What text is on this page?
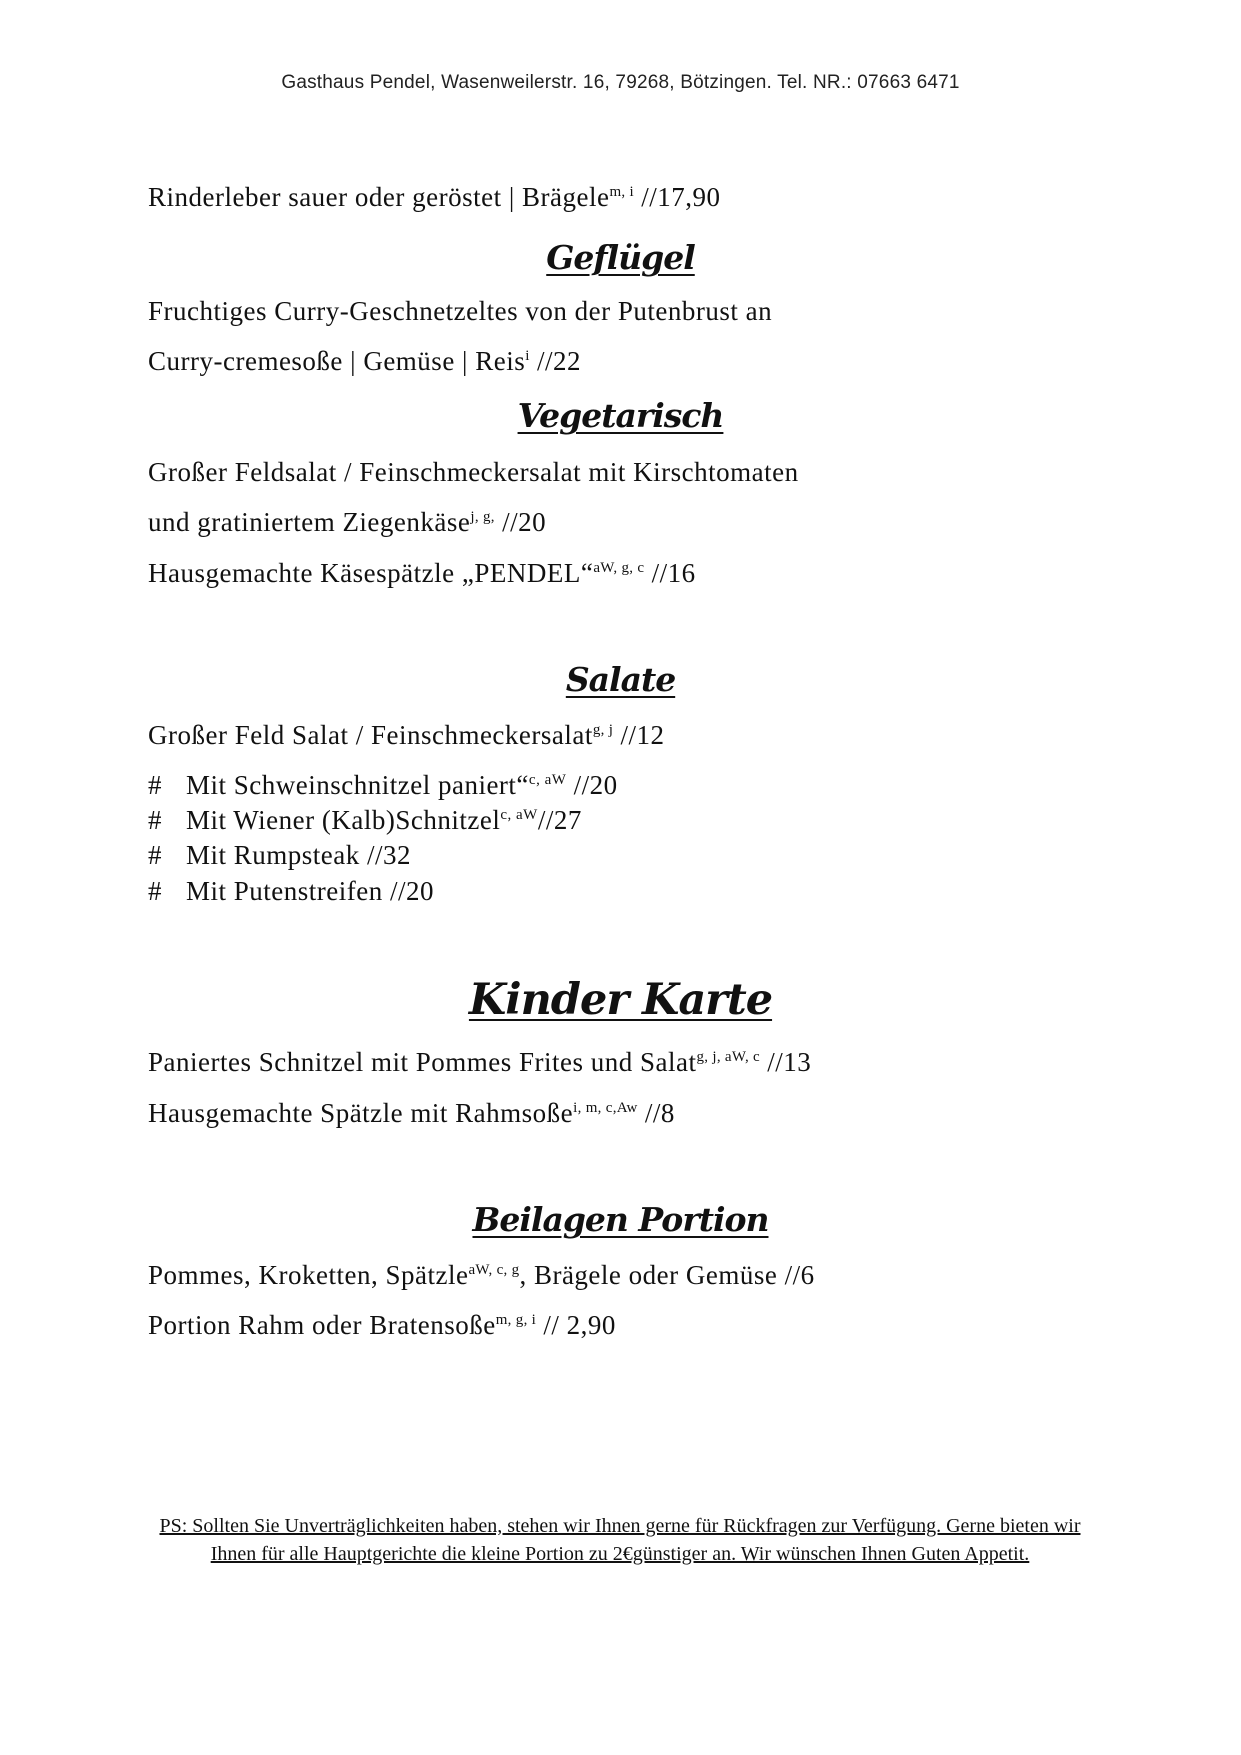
Gasthaus Pendel, Wasenweilerstr. 16, 79268, Bötzingen. Tel. NR.: 07663 6471
Rinderleber sauer oder geröstet | Brägele$^{m, i}$ //17,90
Geflügel
Fruchtiges Curry-Geschnetzeltes von der Putenbrust an
Curry-cremesoße | Gemüse | Reis$^i$ //22
Vegetarisch
Großer Feldsalat / Feinschmeckersalat mit Kirschtomaten
und gratiniertem Ziegenkäse$^{j, g,}$ //20
Hausgemachte Käsespätzle „PENDEL“$^{aW, g, c}$ //16
Salate
Großer Feld Salat / Feinschmeckersalat$^{g, j}$ //12
# Mit Schweinschnitzel paniert“$^{c, aW}$ //20
# Mit Wiener (Kalb)Schnitzel$^{c, aW}$//27
# Mit Rumpsteak //32
# Mit Putenstreifen //20
Kinder Karte
Paniertes Schnitzel mit Pommes Frites und Salat$^{g, j, aW, c}$ //13
Hausgemachte Spätzle mit Rahmsoße$^{i, m, c,Aw}$ //8
Beilagen Portion
Pommes, Kroketten, Spätzle$^{aW, c, g}$, Brägele oder Gemüse //6
Portion Rahm oder Bratensoße$^{m, g, i}$ // 2,90
PS: Sollten Sie Unverträglichkeiten haben, stehen wir Ihnen gerne für Rückfragen zur Verfügung. Gerne bieten wir Ihnen für alle Hauptgerichte die kleine Portion zu 2€günstiger an. Wir wünschen Ihnen Guten Appetit.
